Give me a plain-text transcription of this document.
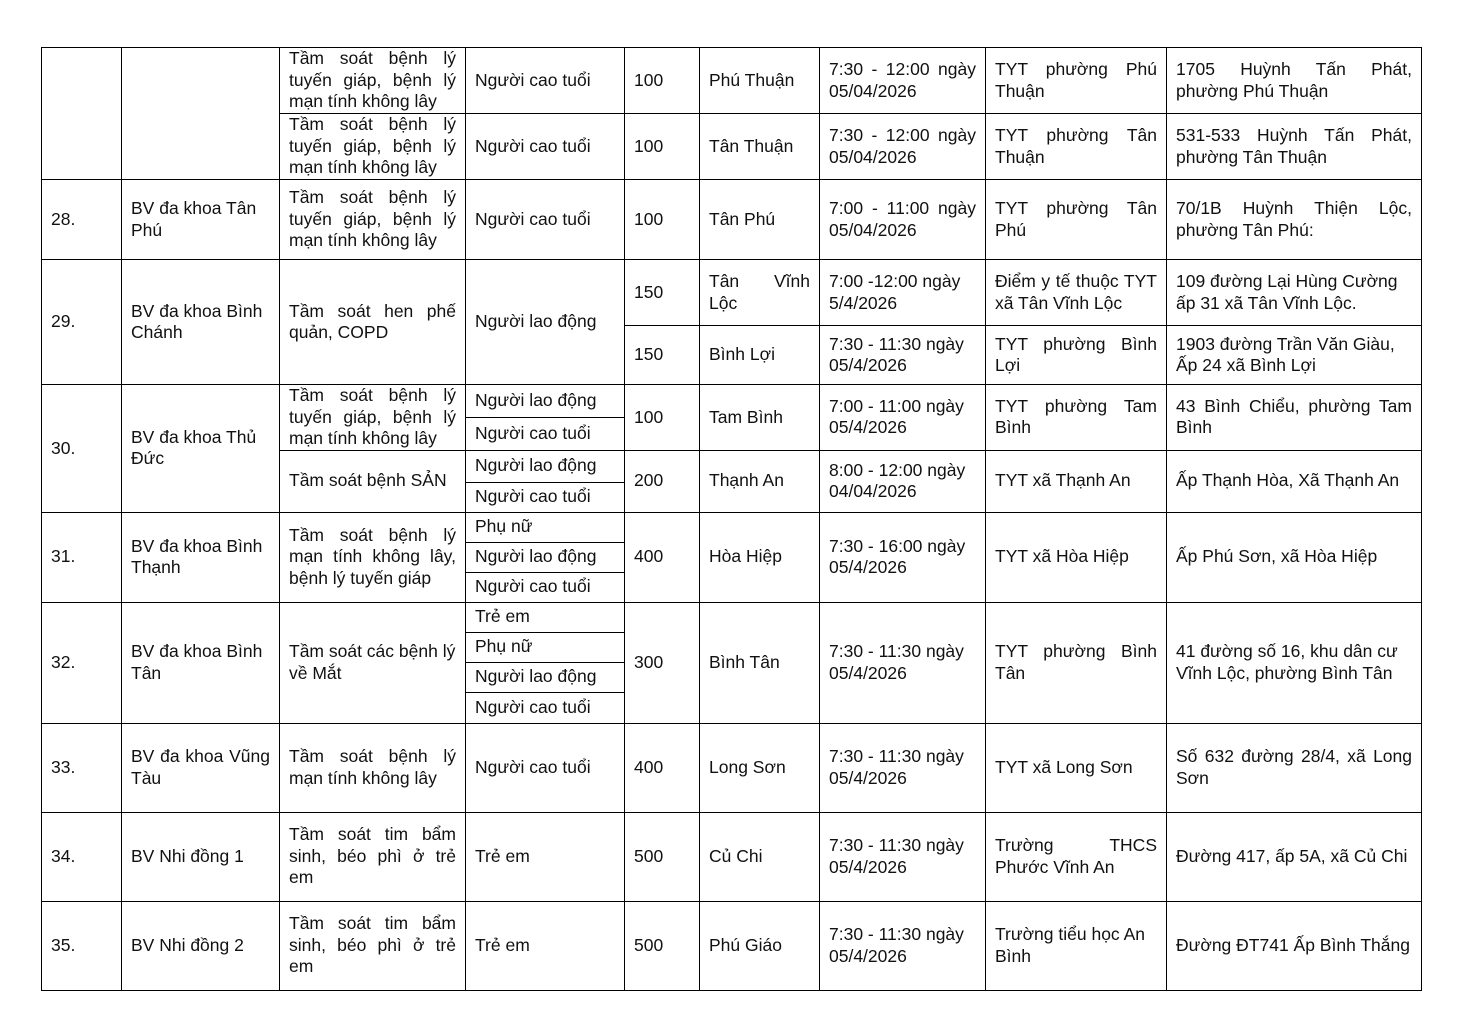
		Tầm soát bệnh lý tuyến giáp, bệnh lý mạn tính không lây	Người cao tuổi	100	Phú Thuận	7:30 - 12:00 ngày 05/04/2026	TYT phường Phú Thuận	1705 Huỳnh Tấn Phát, phường Phú Thuận
		Tầm soát bệnh lý tuyến giáp, bệnh lý mạn tính không lây	Người cao tuổi	100	Tân Thuận	7:30 - 12:00 ngày 05/04/2026	TYT phường Tân Thuận	531-533 Huỳnh Tấn Phát, phường Tân Thuận
28.	BV đa khoa Tân Phú	Tầm soát bệnh lý tuyến giáp, bệnh lý mạn tính không lây	Người cao tuổi	100	Tân Phú	7:00 - 11:00 ngày 05/04/2026	TYT phường Tân Phú	70/1B Huỳnh Thiện Lộc, phường Tân Phú:
29.	BV đa khoa Bình Chánh	Tầm soát hen phế quản, COPD	Người lao động	150	Tân Vĩnh Lộc	7:00 -12:00 ngày 5/4/2026	Điểm y tế thuộc TYT xã Tân Vĩnh Lộc	109 đường Lại Hùng Cường ấp 31 xã Tân Vĩnh Lộc.
				150	Bình Lợi	7:30 - 11:30 ngày 05/4/2026	TYT phường Bình Lợi	1903 đường Trần Văn Giàu, Ấp 24 xã Bình Lợi
30.	BV đa khoa Thủ Đức	Tầm soát bệnh lý tuyến giáp, bệnh lý mạn tính không lây	Người lao động	100	Tam Bình	7:00 - 11:00 ngày 05/4/2026	TYT phường Tam Bình	43 Bình Chiểu, phường Tam Bình
			Người cao tuổi					
		Tầm soát bệnh SẢN	Người lao động	200	Thạnh An	8:00 - 12:00 ngày 04/04/2026	TYT xã Thạnh An	Ấp Thạnh Hòa, Xã Thạnh An
			Người cao tuổi					
31.	BV đa khoa Bình Thạnh	Tầm soát bệnh lý mạn tính không lây, bệnh lý tuyến giáp	Phụ nữ	400	Hòa Hiệp	7:30 - 16:00 ngày 05/4/2026	TYT xã Hòa Hiệp	Ấp Phú Sơn, xã Hòa Hiệp
			Người lao động					
			Người cao tuổi					
32.	BV đa khoa Bình Tân	Tầm soát các bệnh lý về Mắt	Trẻ em	300	Bình Tân	7:30 - 11:30 ngày 05/4/2026	TYT phường Bình Tân	41 đường số 16, khu dân cư Vĩnh Lộc, phường Bình Tân
			Phụ nữ					
			Người lao động					
			Người cao tuổi					
33.	BV đa khoa Vũng Tàu	Tầm soát bệnh lý mạn tính không lây	Người cao tuổi	400	Long Sơn	7:30 - 11:30 ngày 05/4/2026	TYT xã Long Sơn	Số 632 đường 28/4, xã Long Sơn
34.	BV Nhi đồng 1	Tầm soát tim bẩm sinh, béo phì ở trẻ em	Trẻ em	500	Củ Chi	7:30 - 11:30 ngày 05/4/2026	Trường THCS Phước Vĩnh An	Đường 417, ấp 5A, xã Củ Chi
35.	BV Nhi đồng 2	Tầm soát tim bẩm sinh, béo phì ở trẻ em	Trẻ em	500	Phú Giáo	7:30 - 11:30 ngày 05/4/2026	Trường tiểu học An Bình	Đường ĐT741 Ấp Bình Thắng
